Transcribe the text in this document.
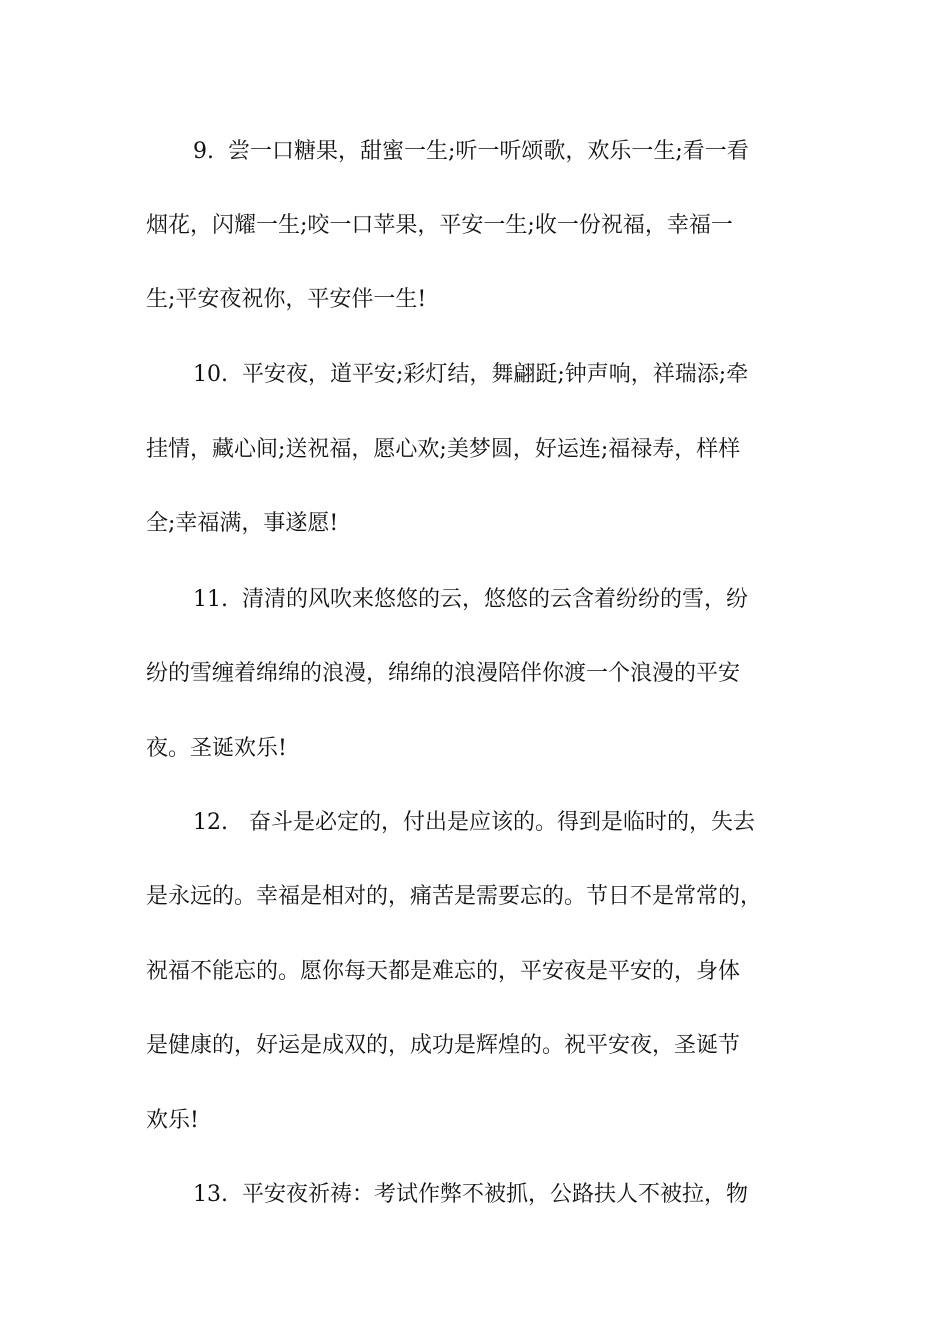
9.  尝一口糖果，甜蜜一生;听一听颂歌，欢乐一生;看一看

烟花，闪耀一生;咬一口苹果，平安一生;收一份祝福，幸福一

生;平安夜祝你，平安伴一生!

10.  平安夜，道平安;彩灯结，舞翩跹;钟声响，祥瑞添;牵

挂情，藏心间;送祝福，愿心欢;美梦圆，好运连;福禄寿，样样

全;幸福满，事遂愿!

11.  清清的风吹来悠悠的云，悠悠的云含着纷纷的雪，纷

纷的雪缠着绵绵的浪漫，绵绵的浪漫陪伴你渡一个浪漫的平安

夜。圣诞欢乐!

12.   奋斗是必定的，付出是应该的。得到是临时的，失去

是永远的。幸福是相对的，痛苦是需要忘的。节日不是常常的，

祝福不能忘的。愿你每天都是难忘的，平安夜是平安的，身体

是健康的，好运是成双的，成功是辉煌的。祝平安夜，圣诞节

欢乐!

13.  平安夜祈祷：考试作弊不被抓，公路扶人不被拉，物
